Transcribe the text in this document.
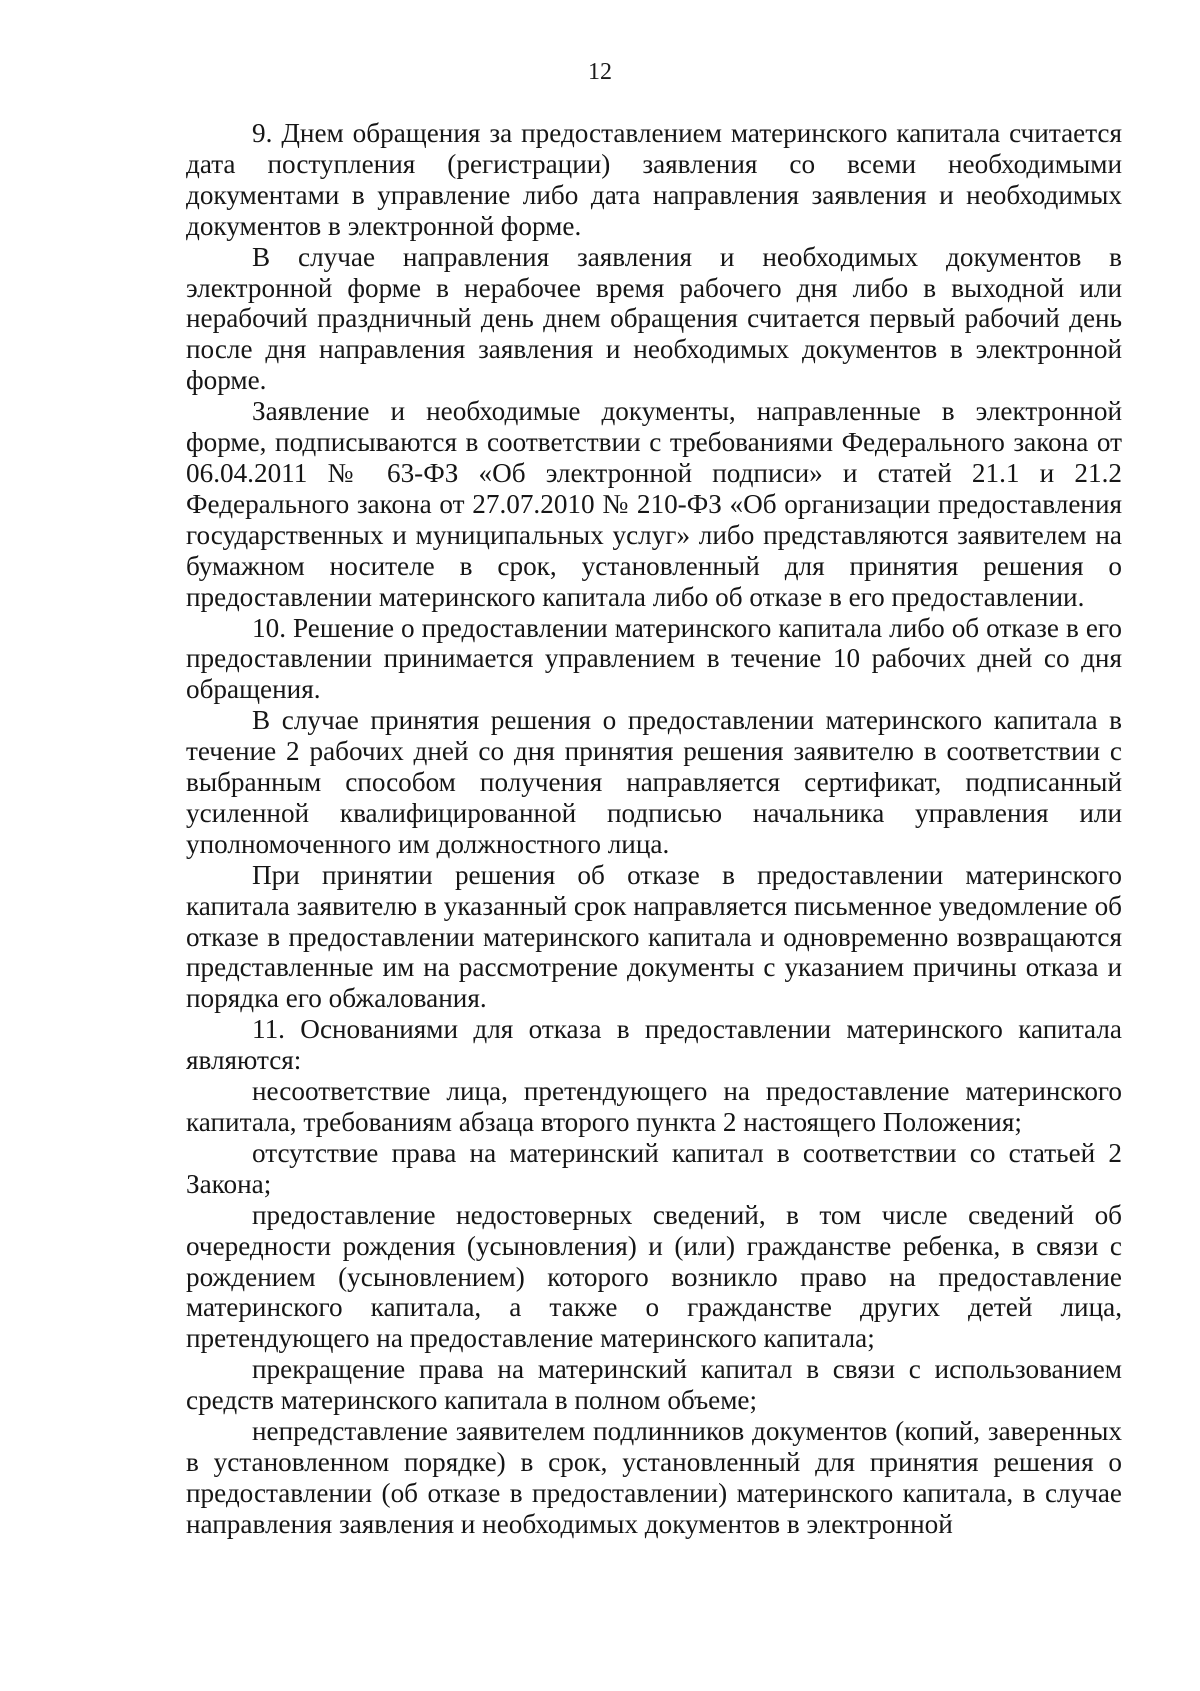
12

9. Днем обращения за предоставлением материнского капитала считается дата поступления (регистрации) заявления со всеми необходимыми документами в управление либо дата направления заявления и необходимых документов в электронной форме.

В случае направления заявления и необходимых документов в электронной форме в нерабочее время рабочего дня либо в выходной или нерабочий праздничный день днем обращения считается первый рабочий день после дня направления заявления и необходимых документов в электронной форме.

Заявление и необходимые документы, направленные в электронной форме, подписываются в соответствии с требованиями Федерального закона от 06.04.2011 № 63-ФЗ «Об электронной подписи» и статей 21.1 и 21.2 Федерального закона от 27.07.2010 № 210-ФЗ «Об организации предоставления государственных и муниципальных услуг» либо представляются заявителем на бумажном носителе в срок, установленный для принятия решения о предоставлении материнского капитала либо об отказе в его предоставлении.

10. Решение о предоставлении материнского капитала либо об отказе в его предоставлении принимается управлением в течение 10 рабочих дней со дня обращения.

В случае принятия решения о предоставлении материнского капитала в течение 2 рабочих дней со дня принятия решения заявителю в соответствии с выбранным способом получения направляется сертификат, подписанный усиленной квалифицированной подписью начальника управления или уполномоченного им должностного лица.

При принятии решения об отказе в предоставлении материнского капитала заявителю в указанный срок направляется письменное уведомление об отказе в предоставлении материнского капитала и одновременно возвращаются представленные им на рассмотрение документы с указанием причины отказа и порядка его обжалования.

11. Основаниями для отказа в предоставлении материнского капитала являются:

несоответствие лица, претендующего на предоставление материнского капитала, требованиям абзаца второго пункта 2 настоящего Положения;

отсутствие права на материнский капитал в соответствии со статьей 2 Закона;

предоставление недостоверных сведений, в том числе сведений об очередности рождения (усыновления) и (или) гражданстве ребенка, в связи с рождением (усыновлением) которого возникло право на предоставление материнского капитала, а также о гражданстве других детей лица, претендующего на предоставление материнского капитала;

прекращение права на материнский капитал в связи с использованием средств материнского капитала в полном объеме;

непредставление заявителем подлинников документов (копий, заверенных в установленном порядке) в срок, установленный для принятия решения о предоставлении (об отказе в предоставлении) материнского капитала, в случае направления заявления и необходимых документов в электронной
